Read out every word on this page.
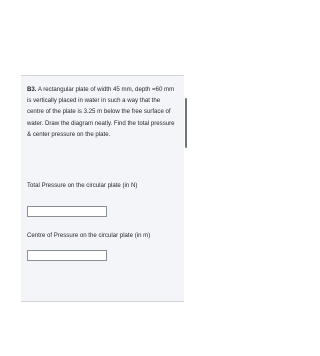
B3. A rectangular plate of width 45 mm, depth =60 mm is vertically placed in water in such a way that the centre of the plate is 3.25 m below the free surface of water. Draw the diagram neatly. Find the total pressure & center pressure on the plate.
Total Pressure on the circular plate (in N)
Centre of Pressure on the circular plate (in m)
